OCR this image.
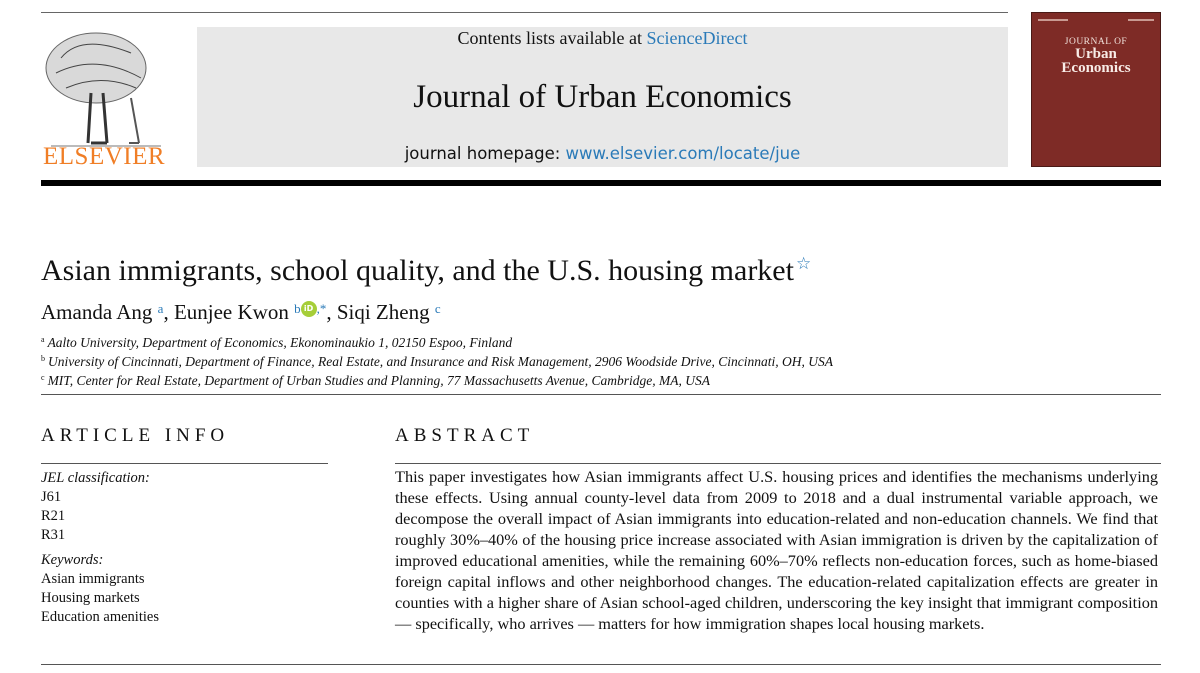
ELSEVIER
Contents lists available at ScienceDirect
Journal of Urban Economics
journal homepage: www.elsevier.com/locate/jue
JOURNAL OF
Urban
Economics
Asian immigrants, school quality, and the U.S. housing market ☆
Amanda Ang $^a$, Eunjee Kwon $^b$ iD ,*, Siqi Zheng $^c$
$^a$ Aalto University, Department of Economics, Ekonominaukio 1, 02150 Espoo, Finland
$^b$ University of Cincinnati, Department of Finance, Real Estate, and Insurance and Risk Management, 2906 Woodside Drive, Cincinnati, OH, USA
$^c$ MIT, Center for Real Estate, Department of Urban Studies and Planning, 77 Massachusetts Avenue, Cambridge, MA, USA
ARTICLE INFO	ABSTRACT
JEL classification:
J61
R21
R31
Keywords:
Asian immigrants
Housing markets
Education amenities
This paper investigates how Asian immigrants affect U.S. housing prices and identifies the mechanisms underlying these effects. Using annual county-level data from 2009 to 2018 and a dual instrumental variable approach, we decompose the overall impact of Asian immigrants into education-related and non-education channels. We find that roughly 30%–40% of the housing price increase associated with Asian immigration is driven by the capitalization of improved educational amenities, while the remaining 60%–70% reflects non-education forces, such as home-biased foreign capital inflows and other neighborhood changes. The education-related capitalization effects are greater in counties with a higher share of Asian school-aged children, underscoring the key insight that immigrant composition — specifically, who arrives — matters for how immigration shapes local housing markets.
